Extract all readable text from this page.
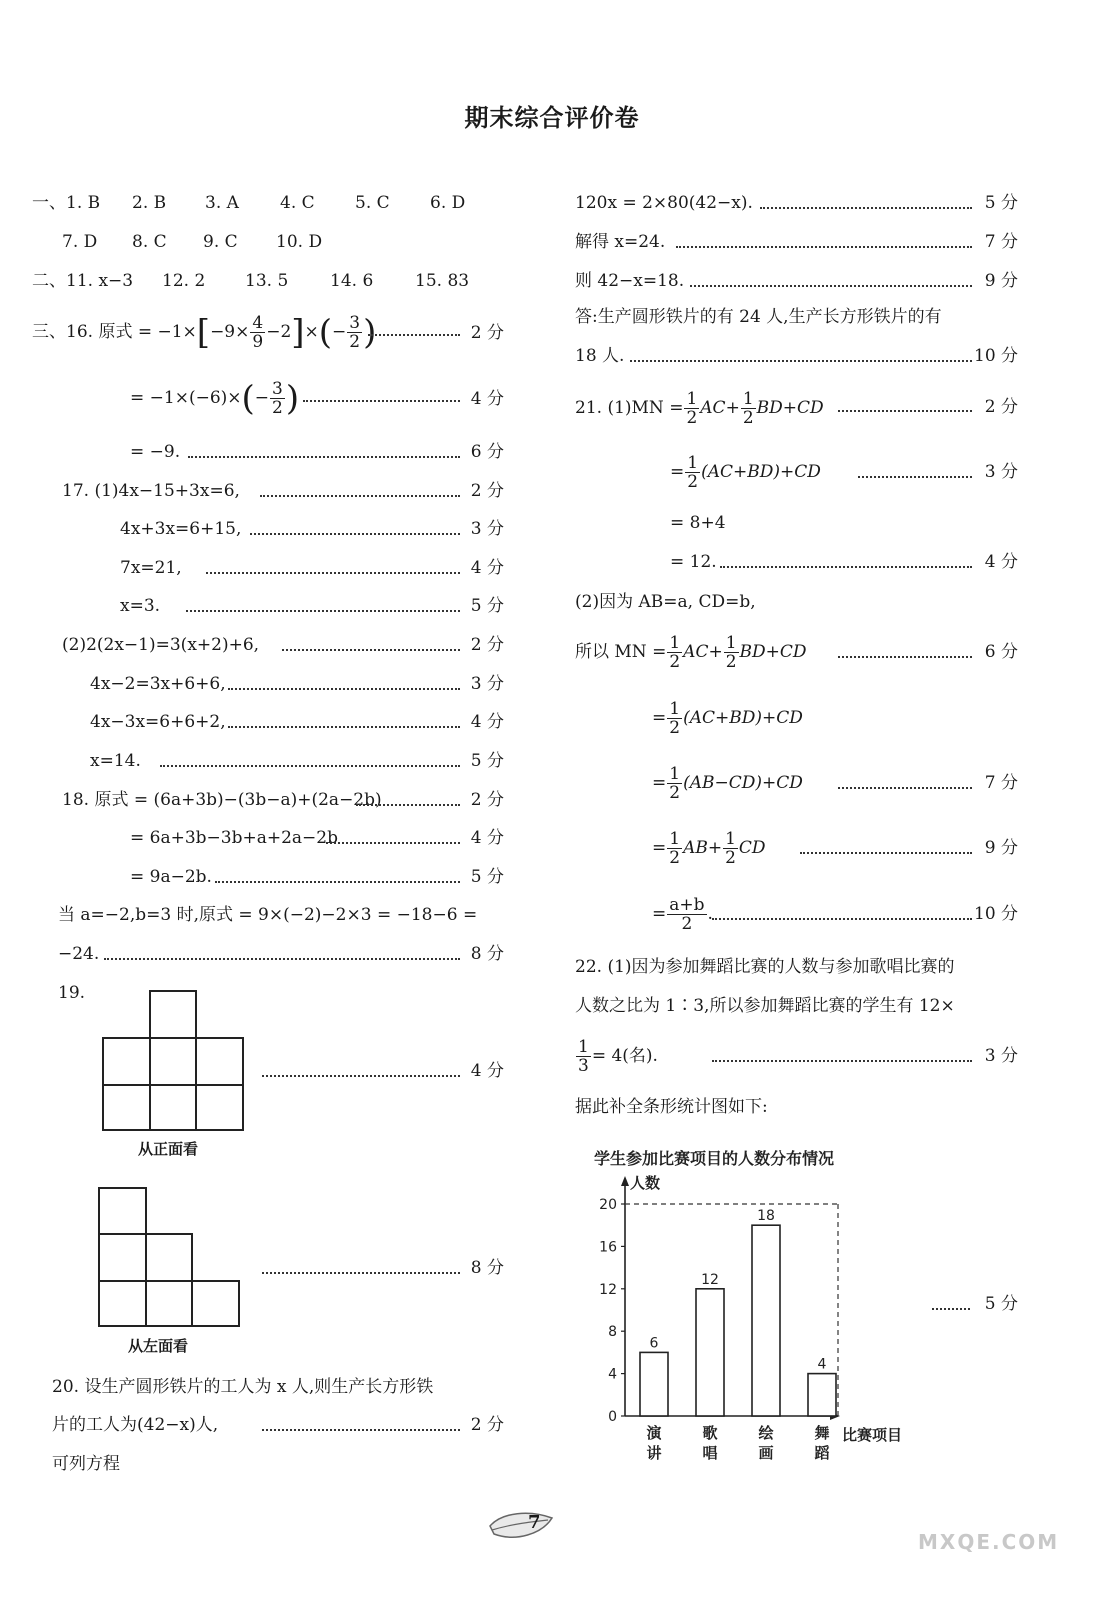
期末综合评价卷
一、1. B 2. B 3. A 4. C 5. C 6. D
7. D 8. C 9. C 10. D
二、11. x−3 12. 2 13. 5 14. 6 15. 83
三、16. 原式 = $-1\times[-9\times \frac{4}{9} -2]\times(- \frac{3}{2}$ )	2 分
= $-1\times(-6)\times(- \frac{3}{2}$ )	4 分
= −9.	6 分
17. (1)4x−15+3x=6,	2 分
4x+3x=6+15,	3 分
7x=21,	4 分
x=3.	5 分
(2)2(2x−1)=3(x+2)+6,	2 分
4x−2=3x+6+6,	3 分
4x−3x=6+6+2,	4 分
x=14.	5 分
18. 原式 = (6a+3b)−(3b−a)+(2a−2b)	2 分
= 6a+3b−3b+a+2a−2b	4 分
= 9a−2b.	5 分
当 a=−2,b=3 时,原式 = 9×(−2)−2×3 = −18−6 =
−24.	8 分
19.
从正面看
4 分
从左面看
8 分
20. 设生产圆形铁片的工人为 x 人,则生产长方形铁
片的工人为(42−x)人,	2 分
可列方程
120x = 2×80(42−x).	5 分
解得 x=24.	7 分
则 42−x=18.	9 分
答:生产圆形铁片的有 24 人,生产长方形铁片的有
18 人.	10 分
21. $(1)MN = \frac{1}{2} AC+ \frac{1}{2} BD+CD$	2 分
= $\frac{1}{2} (AC+BD)+CD$	3 分
= 8+4
= 12.	4 分
(2)因为 AB=a, CD=b,
所以 MN = $\frac{1}{2} AC+ \frac{1}{2} BD+CD$	6 分
= $\frac{1}{2} (AC+BD)+CD$
= $\frac{1}{2} (AB-CD)+CD$	7 分
= $\frac{1}{2} AB+ \frac{1}{2}$ CD	9 分
= $\frac{a+b}{2}$ .	10 分
22. (1)因为参加舞蹈比赛的人数与参加歌唱比赛的
人数之比为 1∶3,所以参加舞蹈比赛的学生有 12×
$\frac{1}{3} = 4$(名).	3 分
据此补全条形统计图如下:
学生参加比赛项目的人数分布情况
人数
比赛项目
0
4
8
12
16
20
6
12
18
4
演讲
歌唱
绘画
舞蹈
5 分
7
MXQE.COM
